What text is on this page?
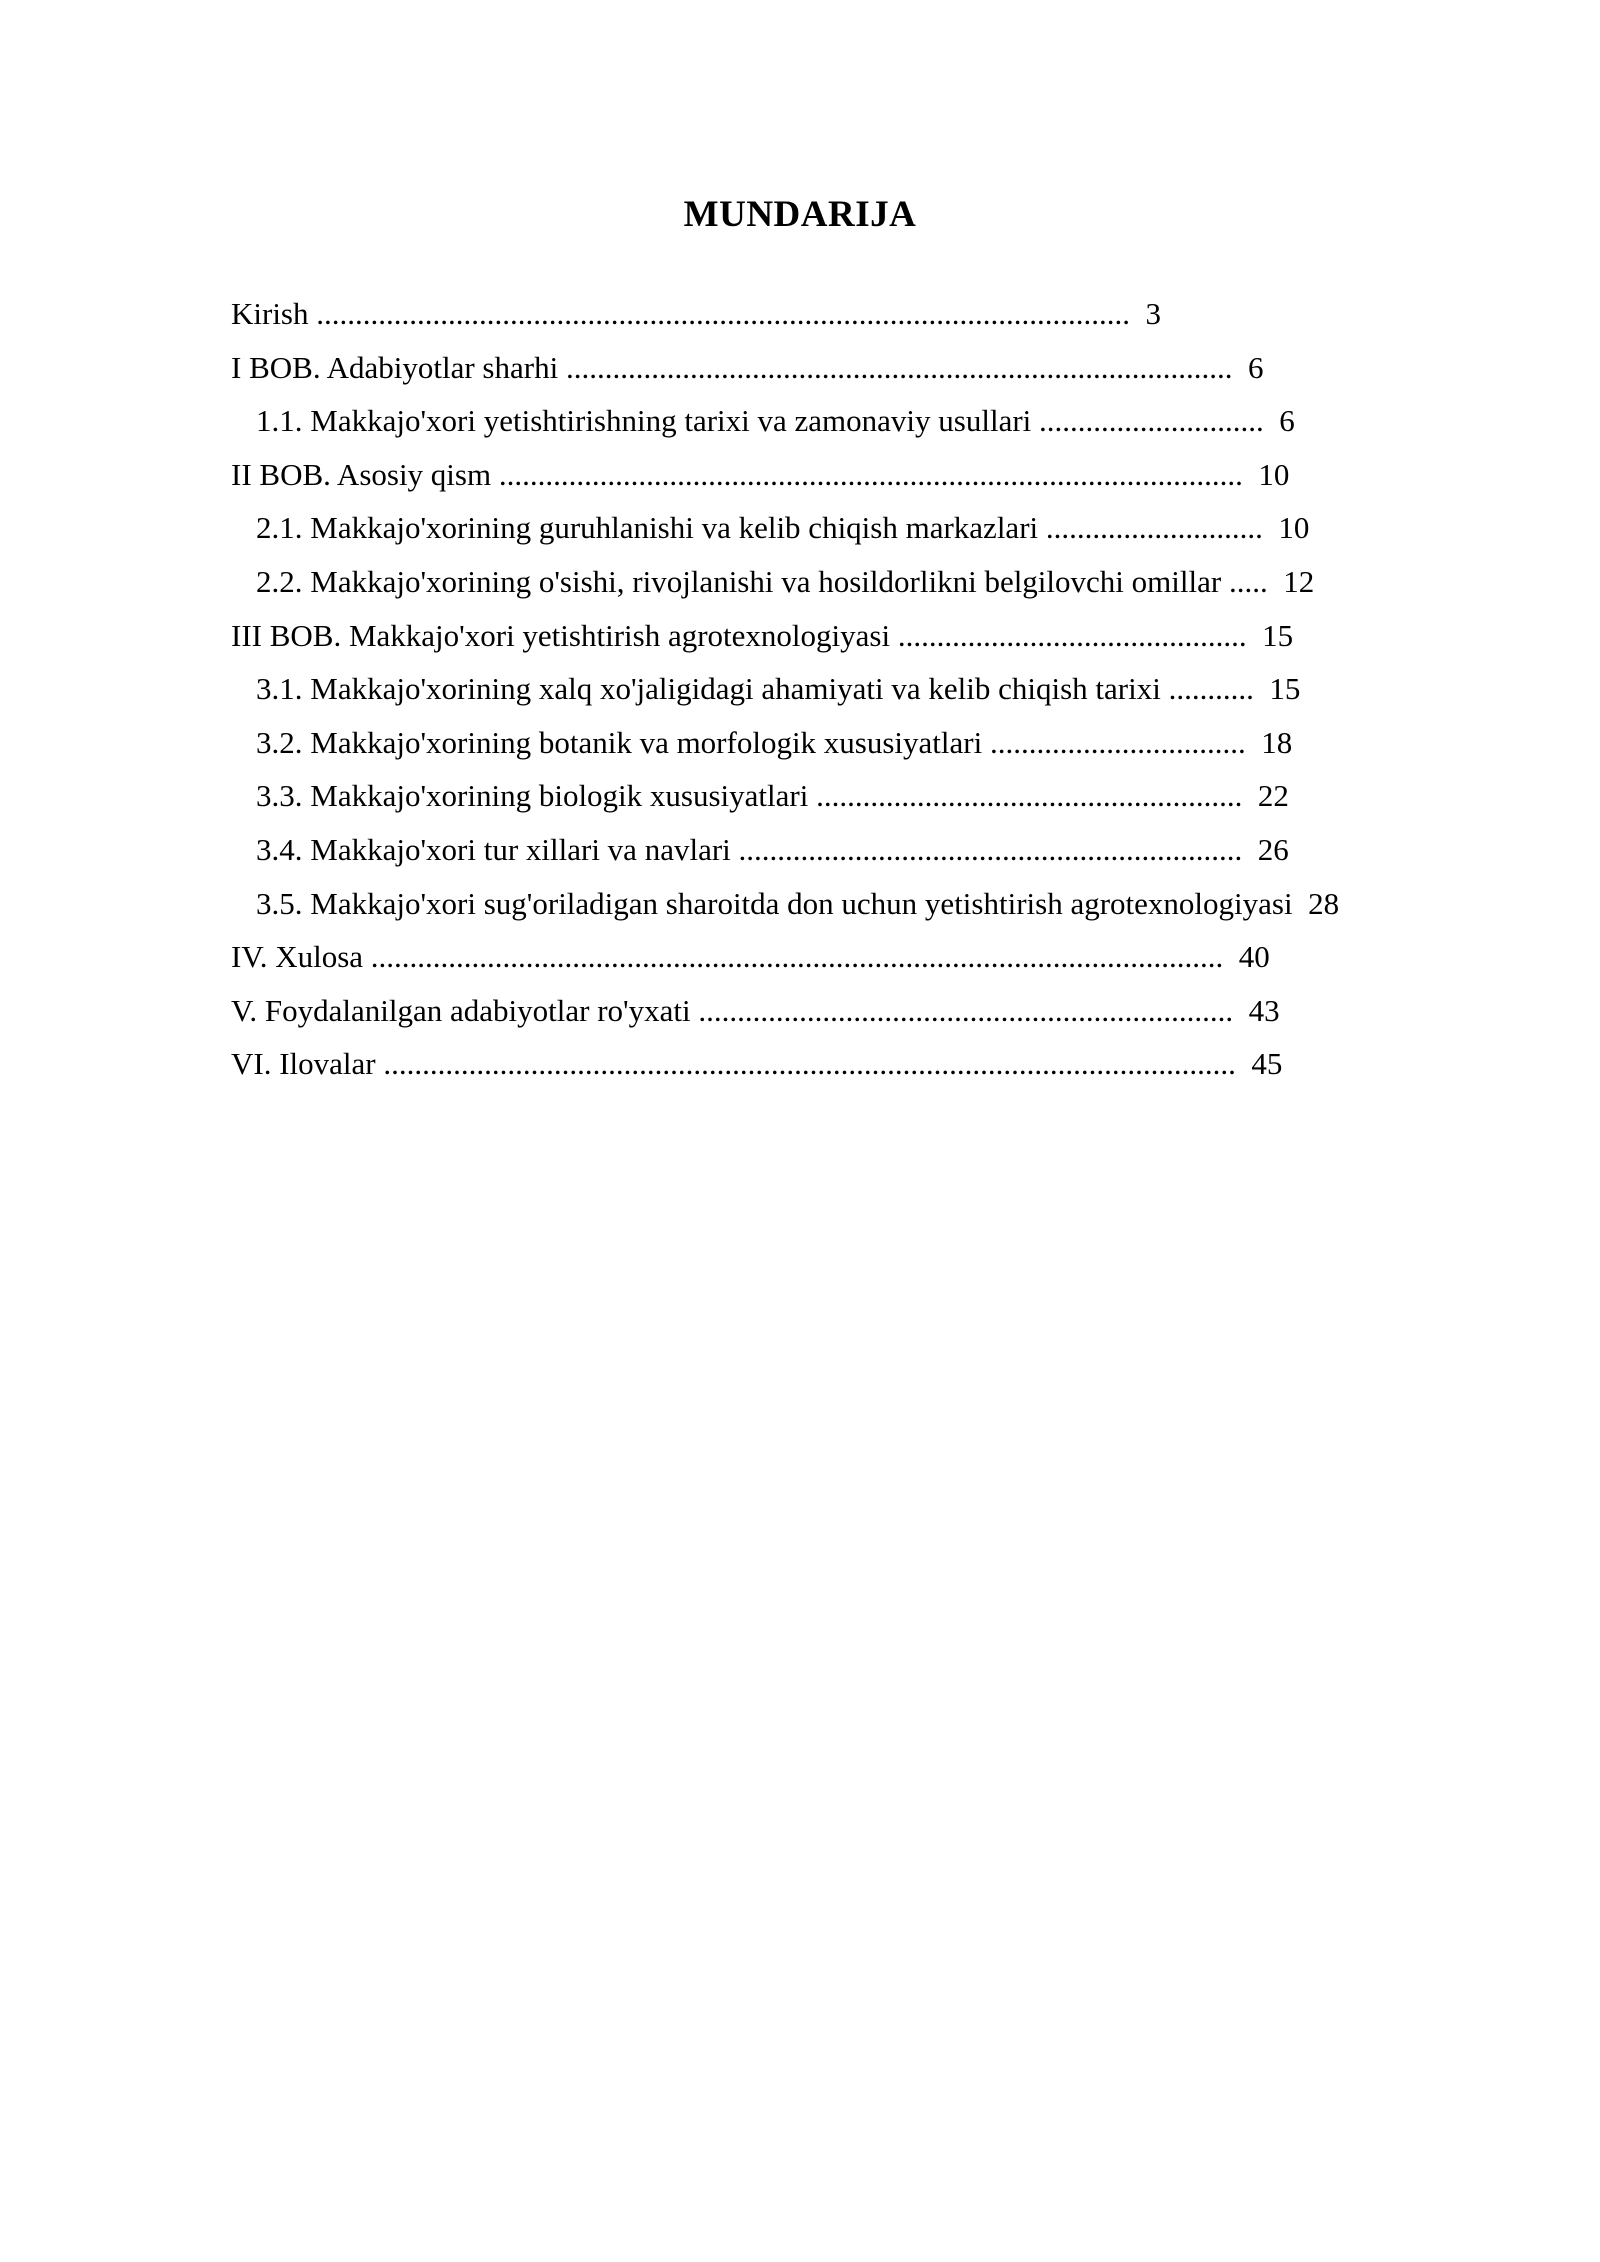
MUNDARIJA
Kirish .........................................................................................................  3
I BOB. Adabiyotlar sharhi ......................................................................................  6
1.1. Makkajo'xori yetishtirishning tarixi va zamonaviy usullari .............................  6
II BOB. Asosiy qism ................................................................................................  10
2.1. Makkajo'xorining guruhlanishi va kelib chiqish markazlari ............................  10
2.2. Makkajo'xorining o'sishi, rivojlanishi va hosildorlikni belgilovchi omillar .....  12
III BOB. Makkajo'xori yetishtirish agrotexnologiyasi .............................................  15
3.1. Makkajo'xorining xalq xo'jaligidagi ahamiyati va kelib chiqish tarixi ...........  15
3.2. Makkajo'xorining botanik va morfologik xususiyatlari .................................  18
3.3. Makkajo'xorining biologik xususiyatlari .......................................................  22
3.4. Makkajo'xori tur xillari va navlari .................................................................  26
3.5. Makkajo'xori sug'oriladigan sharoitda don uchun yetishtirish agrotexnologiyasi 28
IV. Xulosa ..............................................................................................................  40
V. Foydalanilgan adabiyotlar ro'yxati .....................................................................  43
VI. Ilovalar ..............................................................................................................  45
